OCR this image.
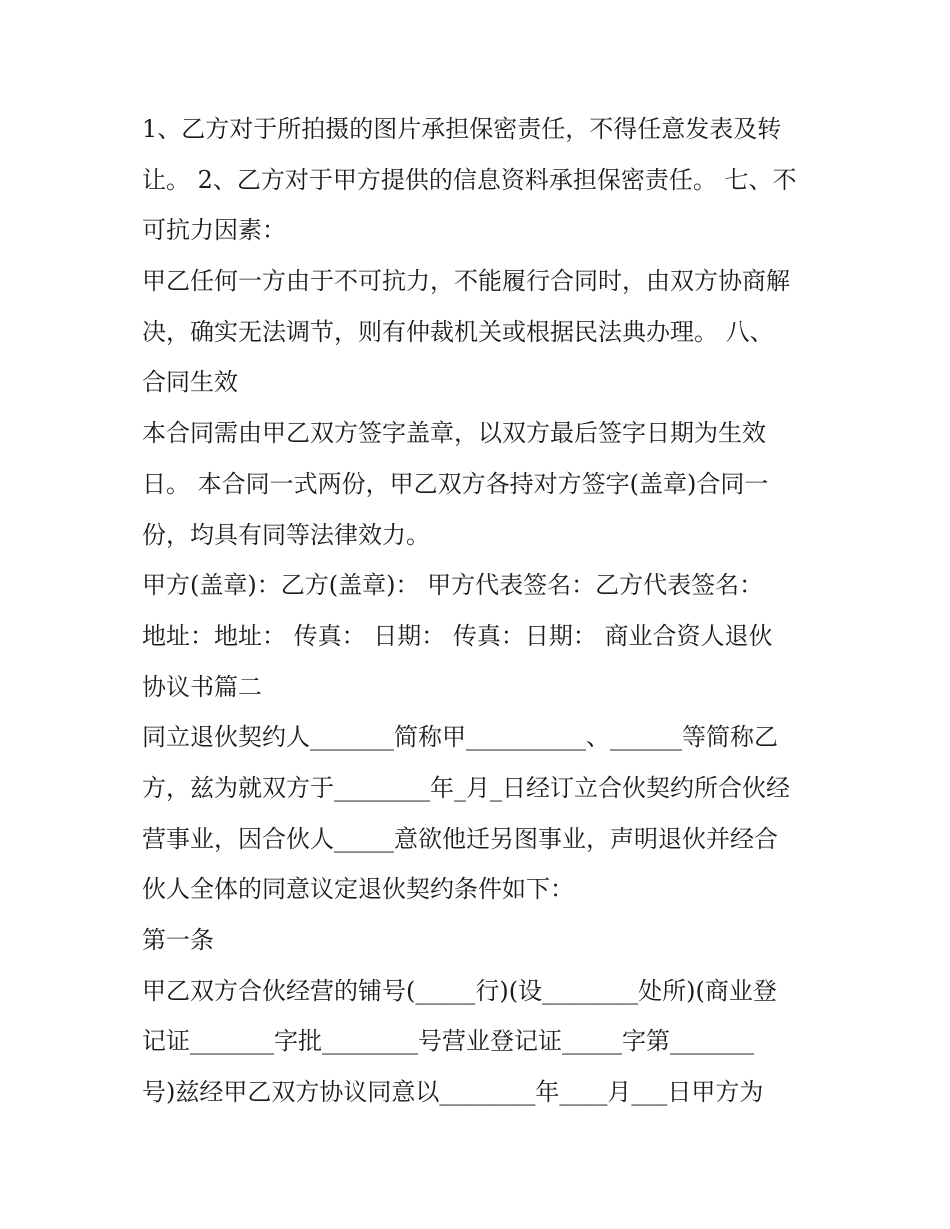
1、乙方对于所拍摄的图片承担保密责任，不得任意发表及转
让。 2、乙方对于甲方提供的信息资料承担保密责任。 七、不
可抗力因素：
甲乙任何一方由于不可抗力，不能履行合同时，由双方协商解
决，确实无法调节，则有仲裁机关或根据民法典办理。 八、
合同生效
本合同需由甲乙双方签字盖章，以双方最后签字日期为生效
日。 本合同一式两份，甲乙双方各持对方签字(盖章)合同一
份，均具有同等法律效力。
甲方(盖章)：乙方(盖章)： 甲方代表签名：乙方代表签名：
地址：地址： 传真： 日期： 传真：日期： 商业合资人退伙
协议书篇二
同立退伙契约人_______简称甲__________、______等简称乙
方，兹为就双方于________年_月_日经订立合伙契约所合伙经
营事业，因合伙人_____意欲他迁另图事业，声明退伙并经合
伙人全体的同意议定退伙契约条件如下：
第一条
甲乙双方合伙经营的铺号(_____行)(设________处所)(商业登
记证_______字批________号营业登记证_____字第_______
号)兹经甲乙双方协议同意以________年____月___日甲方为
